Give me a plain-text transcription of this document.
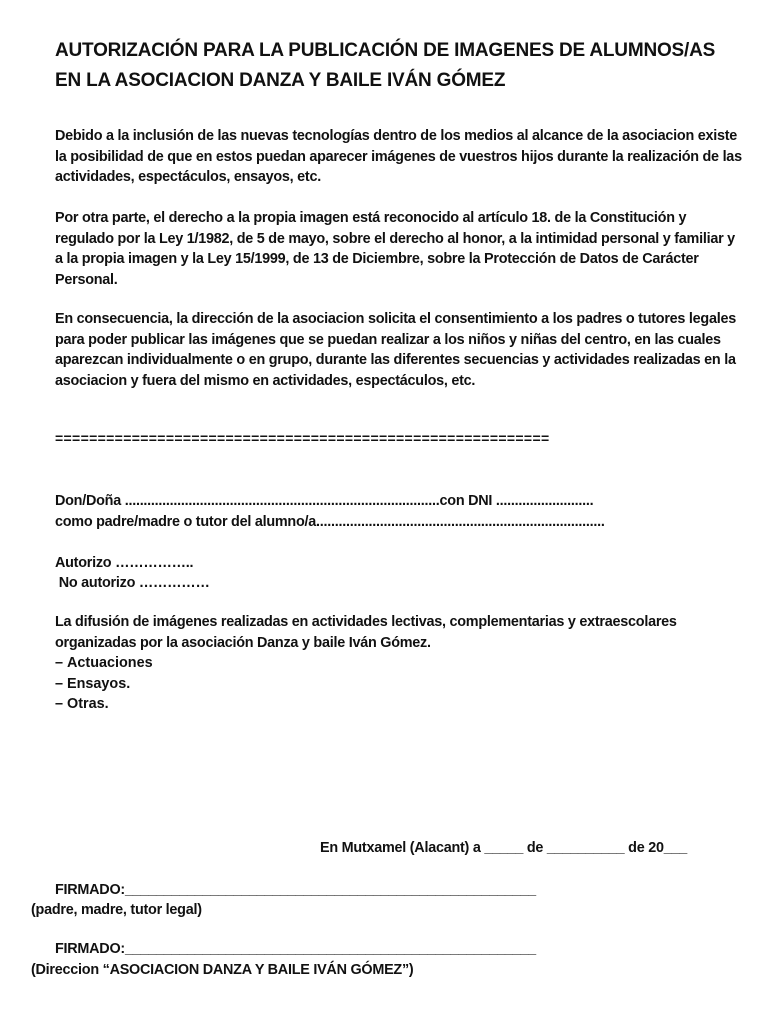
AUTORIZACIÓN PARA LA PUBLICACIÓN DE IMAGENES DE ALUMNOS/AS EN LA ASOCIACION DANZA Y BAILE IVÁN GÓMEZ

Debido a la inclusión de las nuevas tecnologías dentro de los medios al alcance de la asociacion existe la posibilidad de que en estos puedan aparecer imágenes de vuestros hijos durante la realización de las actividades, espectáculos, ensayos, etc.

Por otra parte, el derecho a la propia imagen está reconocido al artículo 18. de la Constitución y regulado por la Ley 1/1982, de 5 de mayo, sobre el derecho al honor, a la intimidad personal y familiar y a la propia imagen y la Ley 15/1999, de 13 de Diciembre, sobre la Protección de Datos de Carácter Personal.

En consecuencia, la dirección de la asociacion solicita el consentimiento a los padres o tutores legales para poder publicar las imágenes que se puedan realizar a los niños y niñas del centro, en las cuales aparezcan individualmente o en grupo, durante las diferentes secuencias y actividades realizadas en la asociacion y fuera del mismo en actividades, espectáculos, etc.

==========================================================
Don/Doña ....................................................................................con DNI ..........................
como padre/madre o tutor del alumno/a.............................................................................
Autorizo ……………..
No autorizo ……………

La difusión de imágenes realizadas en actividades lectivas, complementarias y extraescolares organizadas por la asociación Danza y baile Iván Gómez.

– Actuaciones
– Ensayos.
– Otras.
En Mutxamel (Alacant) a _____ de __________ de 20___
FIRMADO:_____________________________________________________
(padre, madre, tutor legal)
FIRMADO:_____________________________________________________
(Direccion “ASOCIACION DANZA Y BAILE IVÁN GÓMEZ”)
